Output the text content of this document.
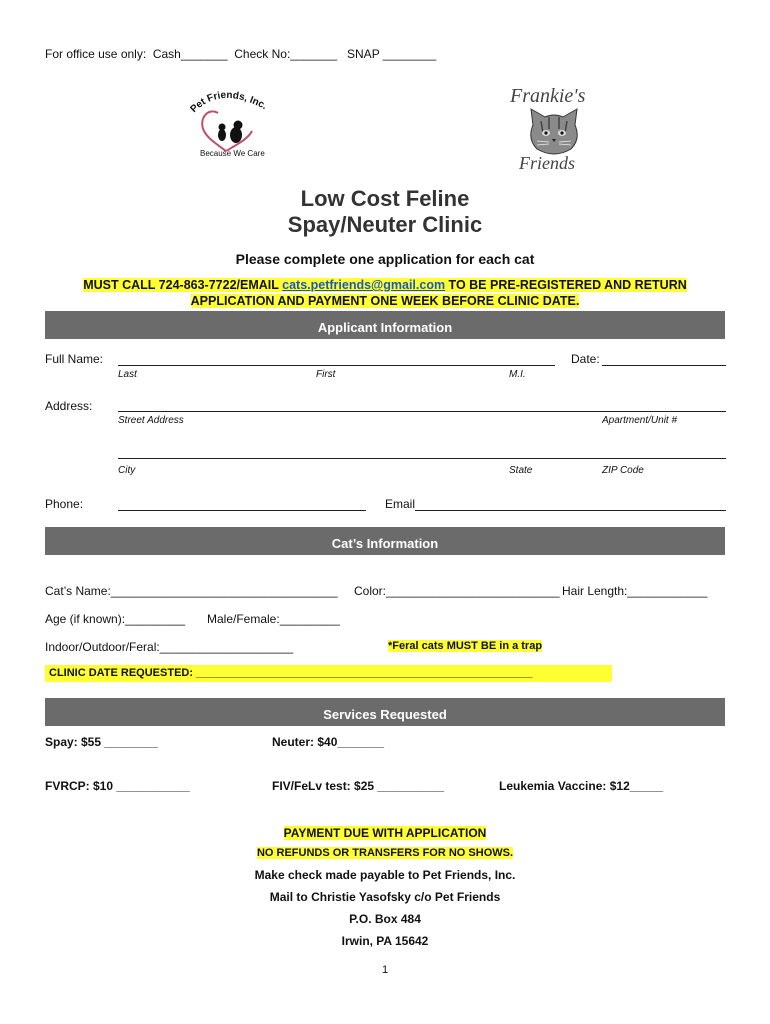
For office use only: Cash_______ Check No:_______ SNAP ________
et Friends, Inc.
Because We Care
Frankie's
Friends
Low Cost Feline
Spay/Neuter Clinic
Please complete one application for each cat
MUST CALL 724-863-7722/EMAIL cats.petfriends@gmail.com TO BE PRE-REGISTERED AND RETURN
APPLICATION AND PAYMENT ONE WEEK BEFORE CLINIC DATE.
Applicant Information
Full Name:	Date:
Last	First	M.I.
Address:
Street Address	Apartment/Unit #
City	State	ZIP Code
Phone:	Email
Cat’s Information
Cat’s Name:__________________________________ Color:__________________________ Hair Length:____________
Age (if known):_________ Male/Female:_________
Indoor/Outdoor/Feral:____________________	*Feral cats MUST BE in a trap
CLINIC DATE REQUESTED: _______________________________________________________
Services Requested
Spay: $55 ________	Neuter: $40_______
FVRCP: $10 ___________	FIV/FeLv test: $25 __________	Leukemia Vaccine: $12_____
PAYMENT DUE WITH APPLICATION
NO REFUNDS OR TRANSFERS FOR NO SHOWS.
Make check made payable to Pet Friends, Inc.
Mail to Christie Yasofsky c/o Pet Friends
P.O. Box 484
Irwin, PA 15642
1
